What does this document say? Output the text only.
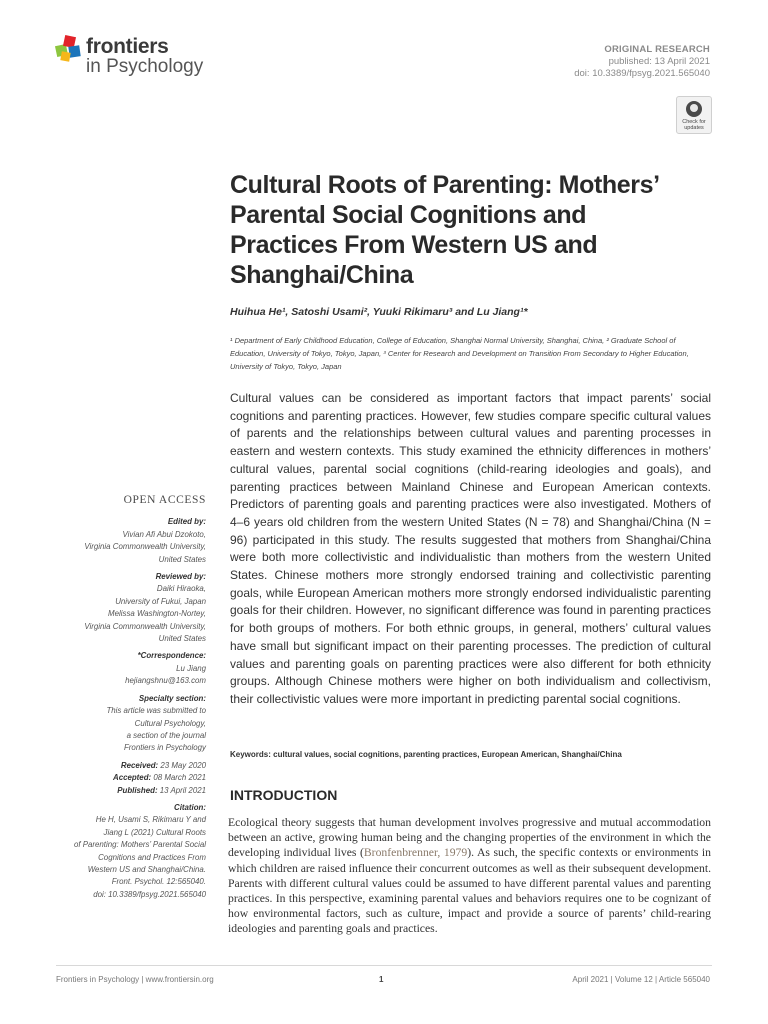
frontiers
in Psychology
ORIGINAL RESEARCH
published: 13 April 2021
doi: 10.3389/fpsyg.2021.565040
Check for updates
Cultural Roots of Parenting: Mothers’ Parental Social Cognitions and Practices From Western US and Shanghai/China
Huihua He¹, Satoshi Usami², Yuuki Rikimaru³ and Lu Jiang¹*
¹ Department of Early Childhood Education, College of Education, Shanghai Normal University, Shanghai, China, ² Graduate School of Education, University of Tokyo, Tokyo, Japan, ³ Center for Research and Development on Transition From Secondary to Higher Education, University of Tokyo, Tokyo, Japan
Cultural values can be considered as important factors that impact parents’ social cognitions and parenting practices. However, few studies compare specific cultural values of parents and the relationships between cultural values and parenting processes in eastern and western contexts. This study examined the ethnicity differences in mothers’ cultural values, parental social cognitions (child-rearing ideologies and goals), and parenting practices between Mainland Chinese and European American contexts. Predictors of parenting goals and parenting practices were also investigated. Mothers of 4–6 years old children from the western United States (N = 78) and Shanghai/China (N = 96) participated in this study. The results suggested that mothers from Shanghai/China were both more collectivistic and individualistic than mothers from the western United States. Chinese mothers more strongly endorsed training and collectivistic parenting goals, while European American mothers more strongly endorsed individualistic parenting goals for their children. However, no significant difference was found in parenting practices for both groups of mothers. For both ethnic groups, in general, mothers’ cultural values have small but significant impact on their parenting processes. The prediction of cultural values and parenting goals on parenting practices were also different for both ethnicity groups. Although Chinese mothers were higher on both individualism and collectivism, their collectivistic values were more important in predicting parental social cognitions.
Keywords: cultural values, social cognitions, parenting practices, European American, Shanghai/China
INTRODUCTION
Ecological theory suggests that human development involves progressive and mutual accommodation between an active, growing human being and the changing properties of the environment in which the developing individual lives (Bronfenbrenner, 1979). As such, the specific contexts or environments in which children are raised influence their concurrent outcomes as well as their subsequent development. Parents with different cultural values could be assumed to have different parental values and parenting practices. In this perspective, examining parental values and behaviors requires one to be cognizant of how environmental factors, such as culture, impact and provide a source of parents’ child-rearing ideologies and parenting goals and practices.
OPEN ACCESS
Edited by:
Vivian Afi Abui Dzokoto,
Virginia Commonwealth University,
United States
Reviewed by:
Daiki Hiraoka,
University of Fukui, Japan
Melissa Washington-Nortey,
Virginia Commonwealth University,
United States
*Correspondence:
Lu Jiang
hejiangshnu@163.com
Specialty section:
This article was submitted to
Cultural Psychology,
a section of the journal
Frontiers in Psychology
Received: 23 May 2020
Accepted: 08 March 2021
Published: 13 April 2021
Citation:
He H, Usami S, Rikimaru Y and
Jiang L (2021) Cultural Roots
of Parenting: Mothers’ Parental Social
Cognitions and Practices From
Western US and Shanghai/China.
Front. Psychol. 12:565040.
doi: 10.3389/fpsyg.2021.565040
Frontiers in Psychology | www.frontiersin.org	1	April 2021 | Volume 12 | Article 565040
